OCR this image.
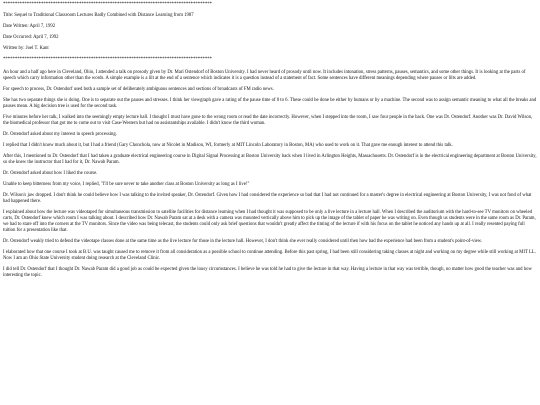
****************************************************************************************

Title: Sequel to Traditional Classroom Lectures Badly Combined with Distance Learning from 1987

Date Written: April 7, 1992

Date Occurred: April 7, 1992

Written by: Joel T. Kant

****************************************************************************************

An hour and a half ago here in Cleveland, Ohio, I attended a talk on prosody given by Dr. Mari Ostendorf of Boston University. I had never heard of prosody until now. It includes intonation, stress patterns, pauses, semantics, and some other things. It is looking at the parts of speech which carry information other than the words. A simple example is a lilt at the end of a sentence which indicates it is a question instead of a statement of fact. Some sentences have different meanings depending where pauses or lilts are added.

For speech to process, Dr. Ostendorf used both a sample set of deliberately ambiguous sentences and sections of broadcasts of FM radio news.

She has two separate things she is doing. One is to separate out the pauses and stresses. I think her viewgraph gave a rating of the pause time of 0 to 6. These could be done be either by humans or by a machine. The second was to assign semantic meaning to what all the breaks and pauses mean. A big decision tree is used for the second task.

Five minutes before her talk, I walked into the seemingly empty lecture hall. I thought I must have gone to the wrong room or read the date incorrectly. However, when I stepped into the room, I saw four people in the back. One was Dr. Ostendorf. Another was Dr. David Wilson, the biomedical professor that got me to come out to visit Case-Western but had no assistantships available. I didn't know the third woman.

Dr. Ostendorf asked about my interest in speech processing.

I replied that I didn't know much about it, but I had a friend (Gary Chonchola, now at Nicolet in Madison, WI, formerly at MIT Lincoln Laboratory in Boston, MA) who used to work on it. That gave me enough interest to attend this talk.

After this, I mentioned to Dr. Ostendorf that I had taken a graduate electrical engineering course in Digital Signal Processing at Boston University back when I lived in Arlington Heights, Massachusetts. Dr. Ostendorf is in the electrical engineering department at Boston University, so she knew the instructor that I had for it, Dr. Nawab Param.

Dr. Ostendorf asked about how I liked the course.

Unable to keep bitterness from my voice, I replied, "I'll be sure never to take another class at Boston University as long as I live!"

Dr. Wilson's jaw dropped. I don't think he could believe how I was talking to the invited speaker, Dr. Ostendorf. Given how I had considered the experience so bad that I had not continued for a master's degree in electrical engineering at Boston University, I was not fond of what had happened there.

I explained about how the lecture was videotaped for simultaneous transmission to satellite facilities for distance learning when I had thought it was supposed to be only a live lecture in a lecture hall. When I described the auditorium with the hard-to-see TV monitors on wheeled carts, Dr. Ostendorf knew which room I was talking about. I described how Dr. Nawab Param sat at a desk with a camera was mounted vertically above him to pick up the image of the tablet of paper he was writing on. Even though us students were in the same room as Dr. Param, we had to stare off into the corners at the TV monitors. Since the video was being telecast, the students could only ask brief questions that wouldn't greatly affect the timing of the lecture if with his focus on the tablet he noticed any hands up at all. I really resented paying full tuition for a presentation like that.

Dr. Ostendorf weakly tried to defend the videotape classes done at the same time as the live lecture for those in the lecture hall. However, I don't think she ever really considered until then how bad the experience had been from a student's point-of-view.

I elaborated how that one course I took at B.U. was taught caused me to remove it from all consideration as a possible school to continue attending. Before this past spring, I had been still considering taking classes at night and working on my degree while still working at MIT LL. Now I am an Ohio State University student doing research at the Cleveland Clinic.

I did tell Dr. Ostendorf that I thought Dr. Nawab Param did a good job as could be expected given the lousy circumstances. I believe he was told he had to give the lecture in that way. Having a lecture in that way was terrible, though, no matter how good the teacher was and how interesting the topic.
